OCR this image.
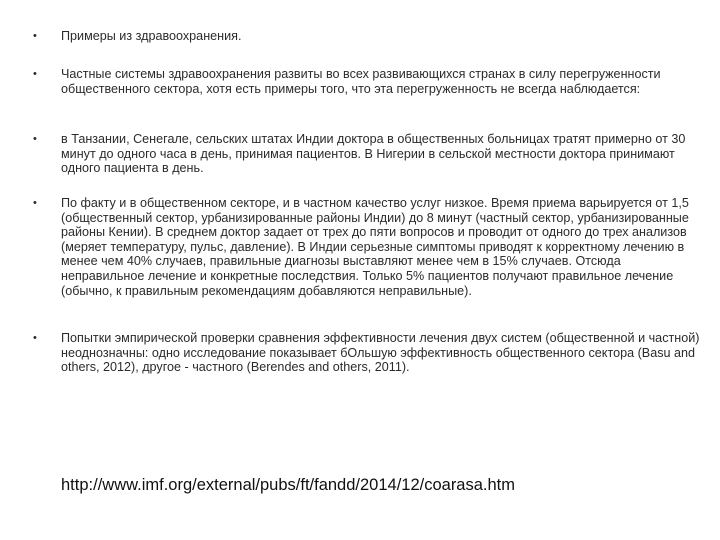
• Примеры из здравоохранения.
• Частные системы здравоохранения развиты во всех развивающихся странах в силу перегруженности общественного сектора, хотя есть примеры того, что эта перегруженность не всегда наблюдается:
• в Танзании, Сенегале, сельских штатах Индии доктора в общественных больницах тратят примерно от 30 минут до одного часа в день, принимая пациентов. В Нигерии в сельской местности доктора принимают одного пациента в день.
• По факту и в общественном секторе, и в частном качество услуг низкое. Время приема варьируется от 1,5 (общественный сектор, урбанизированные районы Индии) до 8 минут (частный сектор, урбанизированные районы Кении). В среднем доктор задает от трех до пяти вопросов и проводит от одного до трех анализов (меряет температуру, пульс, давление). В Индии серьезные симптомы приводят к корректному лечению в менее чем 40% случаев, правильные диагнозы выставляют менее чем в 15% случаев. Отсюда неправильное лечение и конкретные последствия. Только 5% пациентов получают правильное лечение (обычно, к правильным рекомендациям добавляются неправильные).
• Попытки эмпирической проверки сравнения эффективности лечения двух систем (общественной и частной) неоднозначны: одно исследование показывает бОльшую эффективность общественного сектора (Basu and others, 2012), другое - частного (Berendes and others, 2011).
http://www.imf.org/external/pubs/ft/fandd/2014/12/coarasa.htm
